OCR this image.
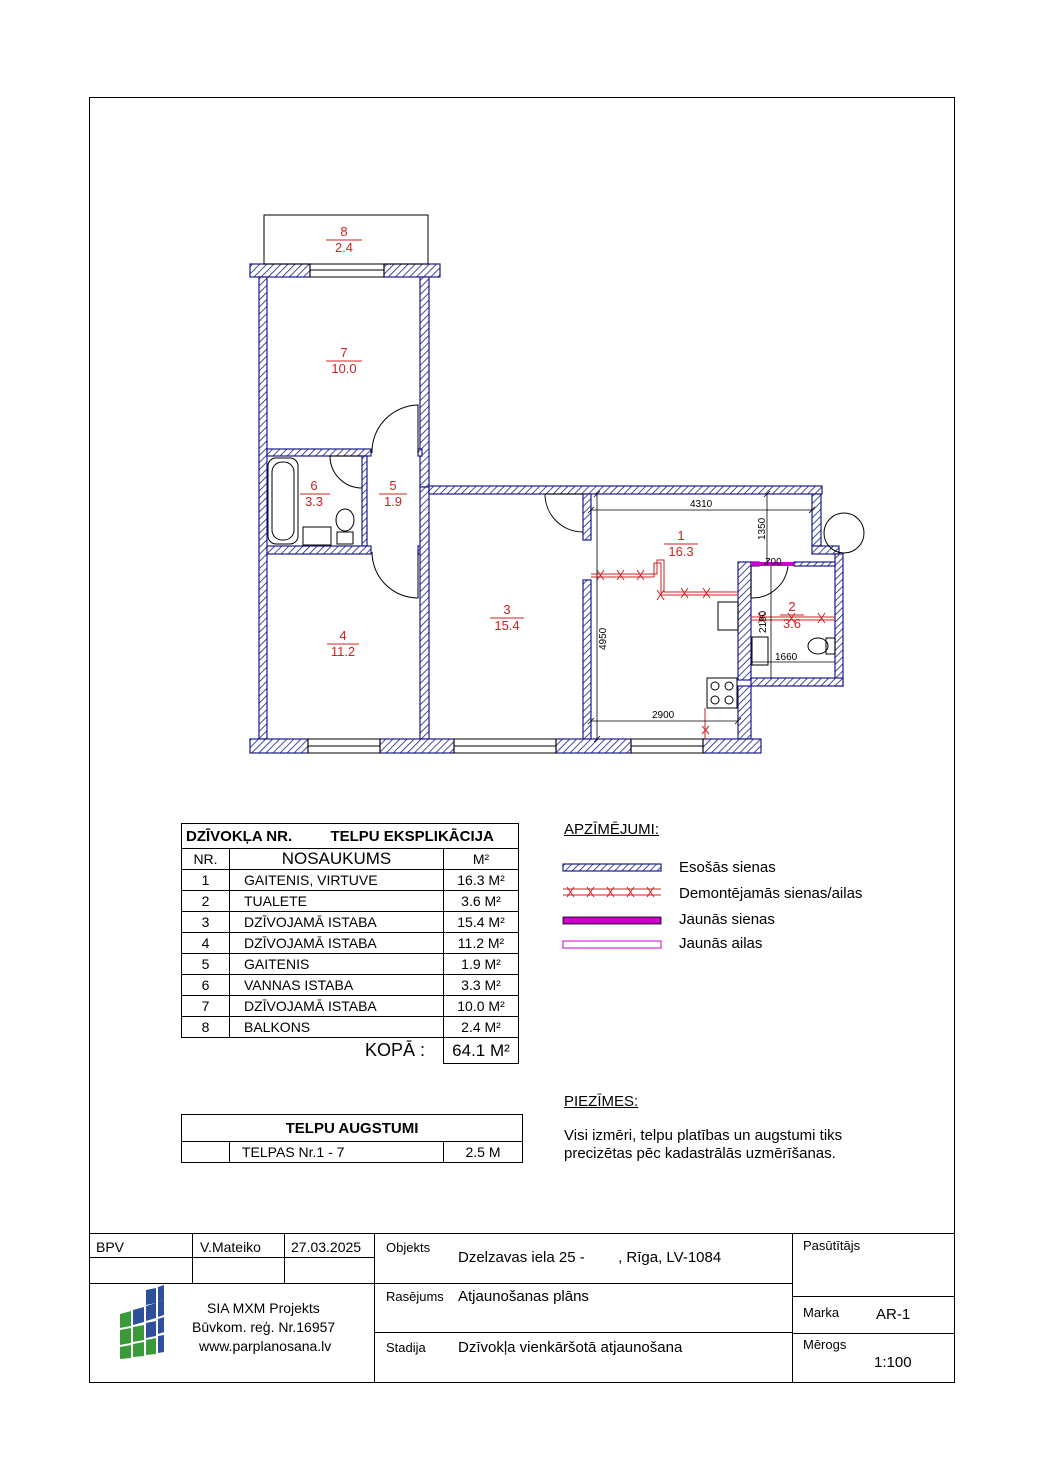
8
2.4
7
10.0
6
3.3
5
1.9
4
11.2
3
15.4
1
16.3
2
3.6
4310
1350
700
4950
2190
1660
2900
DZĪVOKĻA NR. TELPU EKSPLIKĀCIJA		
NR.	NOSAUKUMS	M²
1	GAITENIS, VIRTUVE	16.3 M²
2	TUALETE	3.6 M²
3	DZĪVOJAMĀ ISTABA	15.4 M²
4	DZĪVOJAMĀ ISTABA	11.2 M²
5	GAITENIS	1.9 M²
6	VANNAS ISTABA	3.3 M²
7	DZĪVOJAMĀ ISTABA	10.0 M²
8	BALKONS	2.4 M²
	KOPĀ :	64.1 M²
TELPU AUGSTUMI
	TELPAS Nr.1 - 7	2.5 M
APZĪMĒJUMI:
Esošās sienas
Demontējamās sienas/ailas
Jaunās sienas
Jaunās ailas
PIEZĪMES:
Visi izmēri, telpu platības un augstumi tiks
precizētas pēc kadastrālās uzmērīšanas.
BPV	V.Mateiko 27.03.2025 Objekts
Dzelzavas iela 25 -        , Rīga, LV-1084
Pasūtītājs
SIA MXM Projekts
Būvkom. reģ. Nr.16957
www.parplanosana.lv
Rasējums Atjaunošanas plāns
Stadija Dzīvokļa vienkāršotā atjaunošana
Marka AR-1
Mērogs
1:100
